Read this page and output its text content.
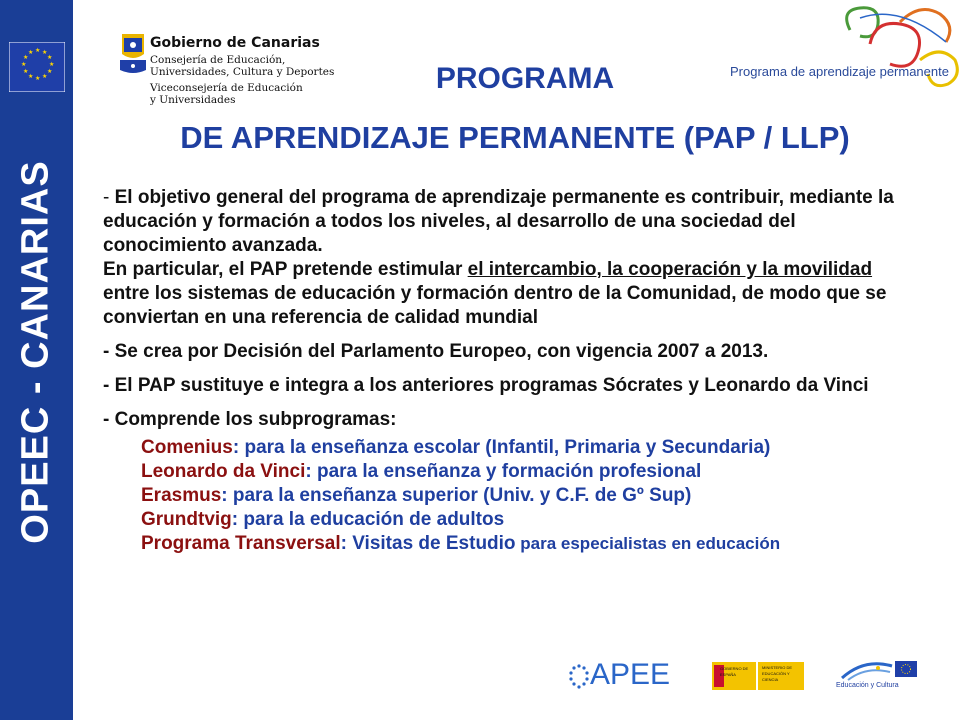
★ ★
★
★
★
★
★
★
★
★
★
★
OPEEC - CANARIAS
Gobierno de Canarias
Consejería de Educación,
Universidades, Cultura y Deportes
Viceconsejería de Educación
y Universidades
Programa de aprendizaje permanente
PROGRAMA
DE APRENDIZAJE PERMANENTE (PAP / LLP)
- El objetivo general del programa de aprendizaje permanente es contribuir, mediante la educación y formación a todos los niveles, al desarrollo de una sociedad del conocimiento avanzada.
En particular, el PAP pretende estimular el intercambio, la cooperación y la movilidad entre los sistemas de educación y formación dentro de la Comunidad, de modo que se conviertan en una referencia de calidad mundial
- Se crea por Decisión del Parlamento Europeo, con vigencia 2007 a 2013.
- El PAP sustituye e integra a los anteriores programas Sócrates y Leonardo da Vinci
- Comprende los subprogramas:
Comenius: para la enseñanza escolar (Infantil, Primaria y Secundaria)
Leonardo da Vinci: para la enseñanza y formación profesional
Erasmus: para la enseñanza superior (Univ. y C.F. de Gº Sup)
Grundtvig: para la educación de adultos
Programa Transversal: Visitas de Estudio para especialistas en educación
APEE	GOBIERNO DE ESPAÑA
MINISTERIO DE EDUCACIÓN Y CIENCIA
Educación y Cultura
